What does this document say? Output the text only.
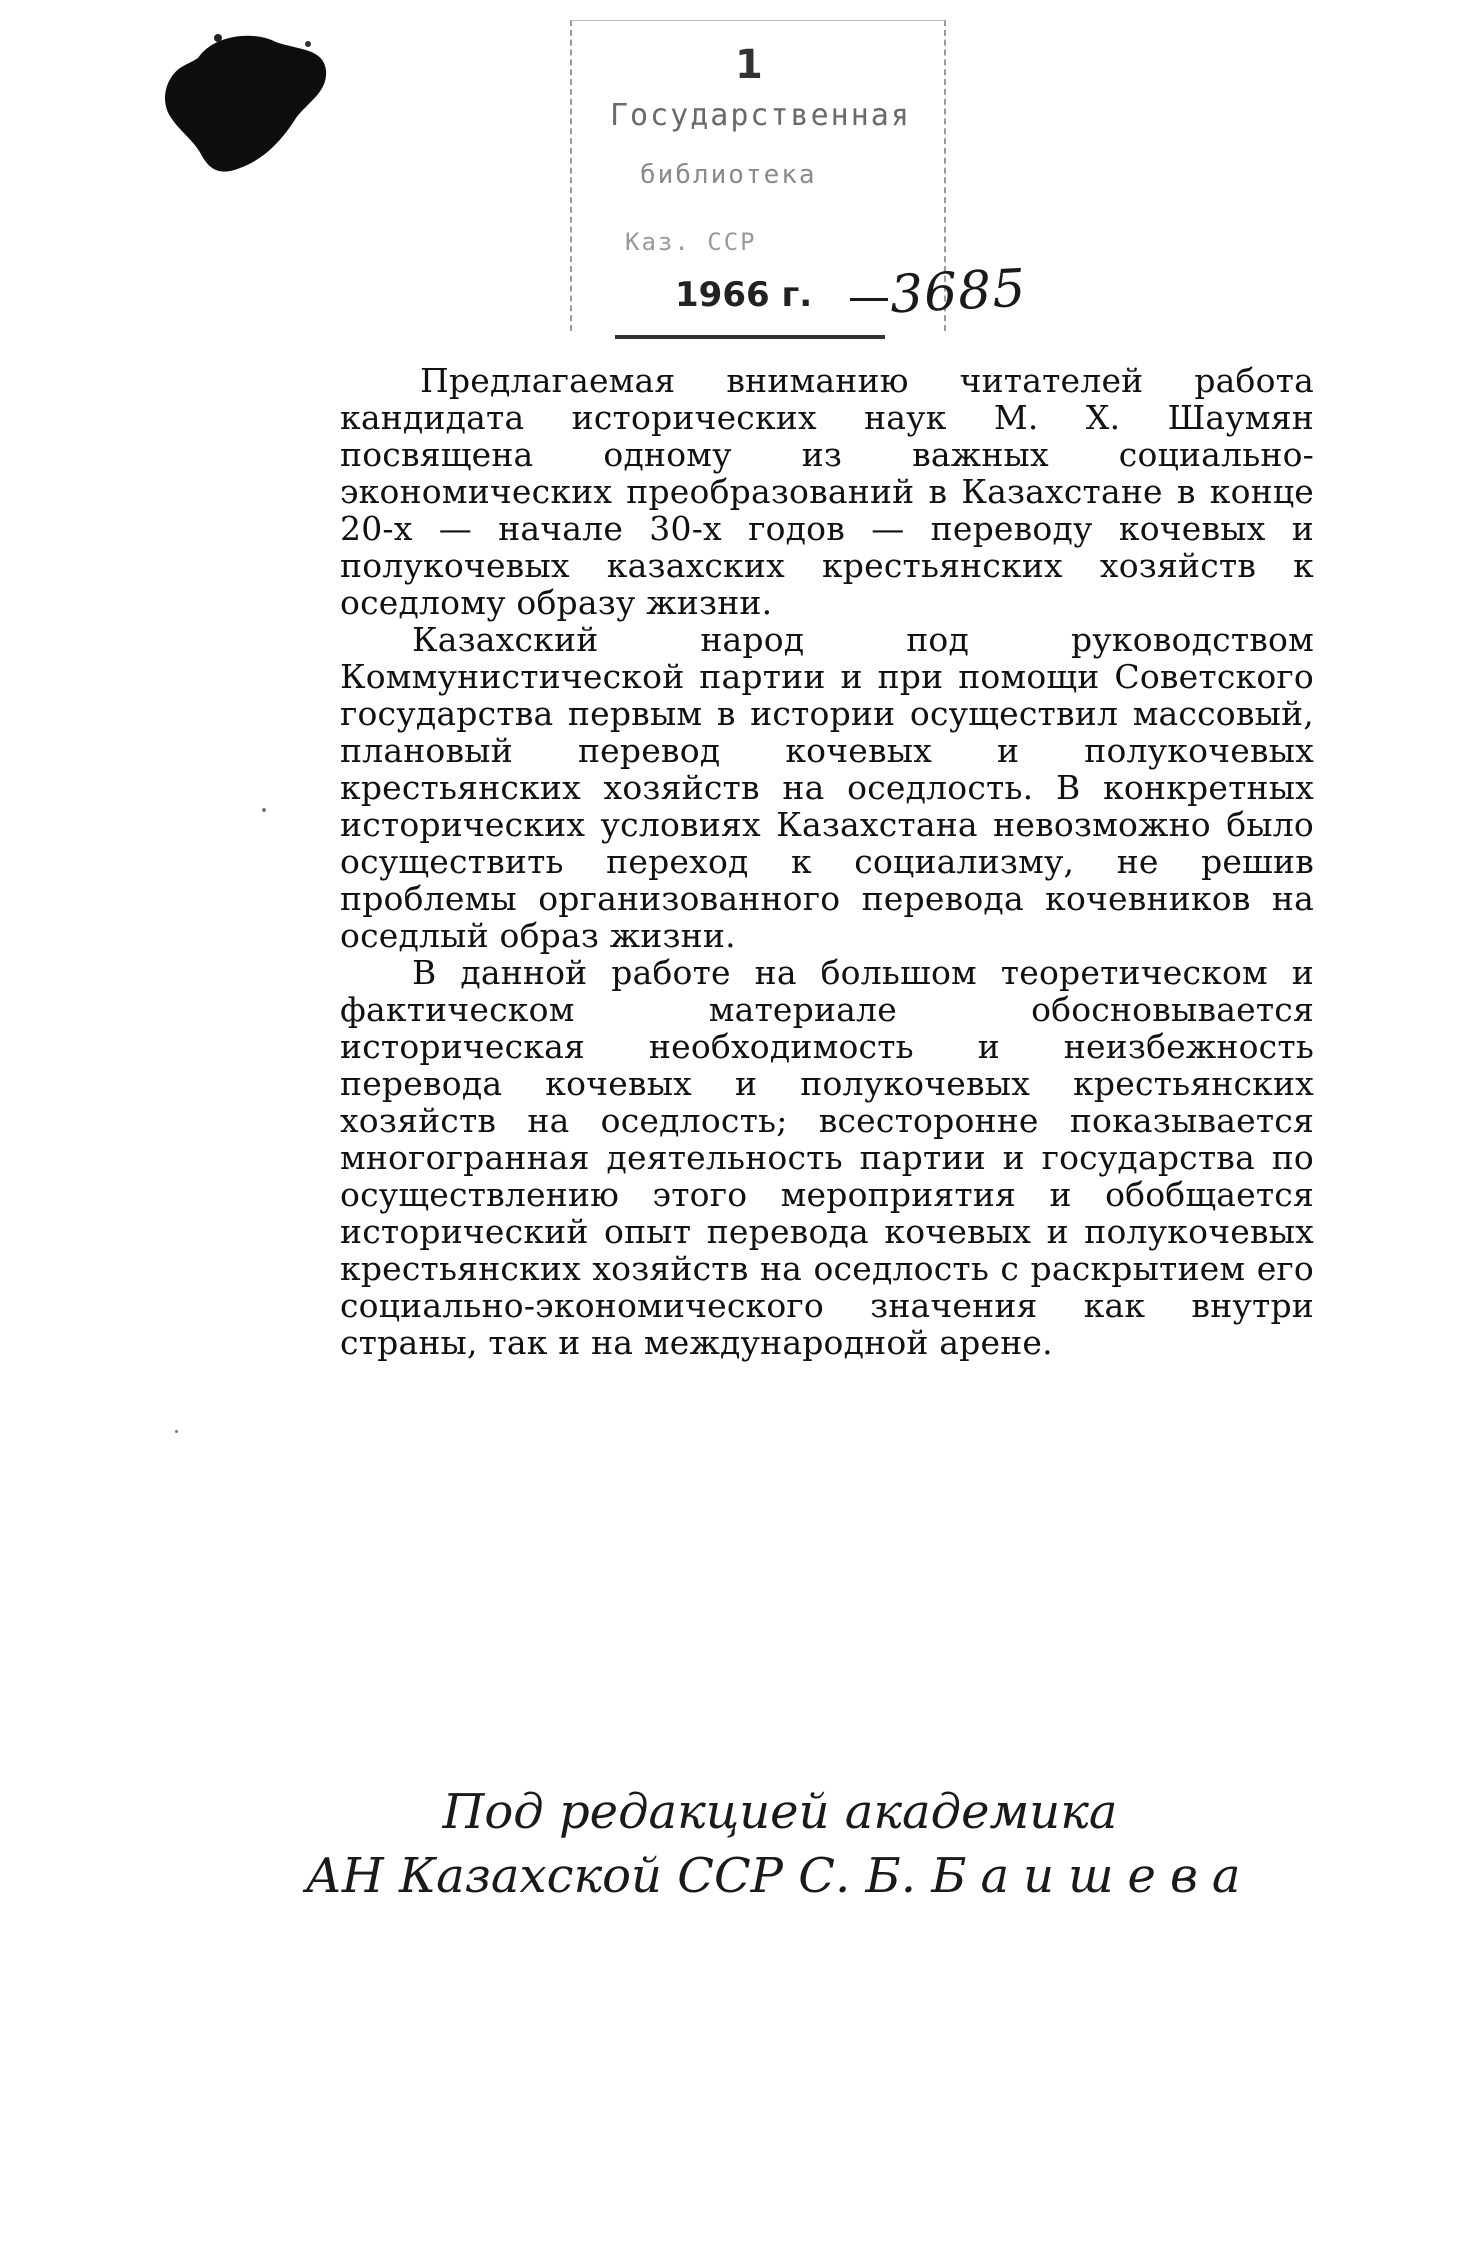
1
Государственная
библиотека
Каз. ССР
1966 г. 3685

Предлагаемая вниманию читателей работа кандидата исторических наук М. Х. Шаумян посвящена одному из важных социально-экономических преобразований в Казахстане в конце 20-х — начале 30-х годов — переводу кочевых и полукочевых казахских крестьянских хозяйств к оседлому образу жизни.

Казахский народ под руководством Коммунистической партии и при помощи Советского государства первым в истории осуществил массовый, плановый перевод кочевых и полукочевых крестьянских хозяйств на оседлость. В конкретных исторических условиях Казахстана невозможно было осуществить переход к социализму, не решив проблемы организованного перевода кочевников на оседлый образ жизни.

В данной работе на большом теоретическом и фактическом материале обосновывается историческая необходимость и неизбежность перевода кочевых и полукочевых крестьянских хозяйств на оседлость; всесторонне показывается многогранная деятельность партии и государства по осуществлению этого мероприятия и обобщается исторический опыт перевода кочевых и полукочевых крестьянских хозяйств на оседлость с раскрытием его социально-экономического значения как внутри страны, так и на международной арене.

Под редакцией академика
АН Казахской ССР С. Б. Баишева
